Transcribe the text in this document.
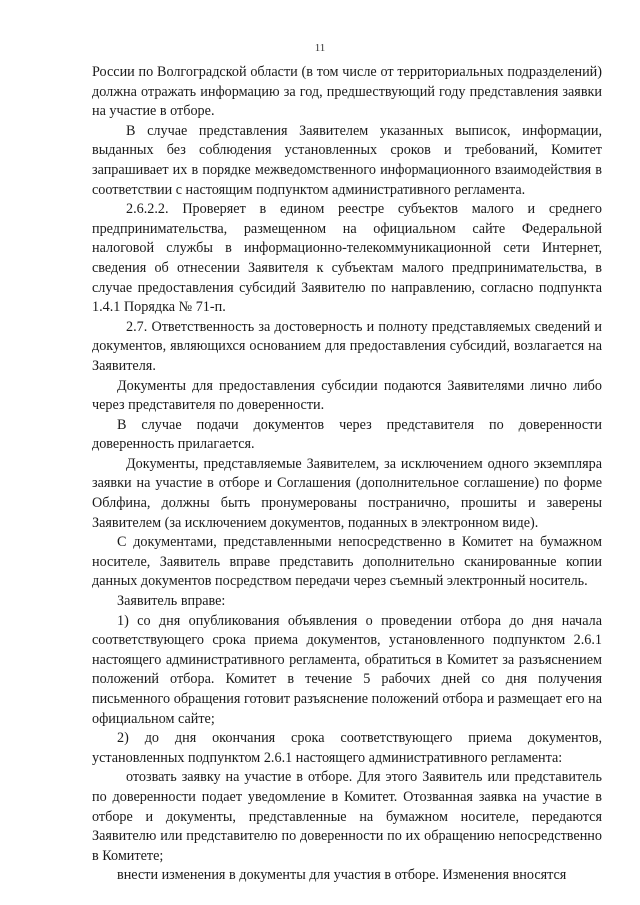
11

России по Волгоградской области (в том числе от территориальных подразделений) должна отражать информацию за год, предшествующий году представления заявки на участие в отборе.

В случае представления Заявителем указанных выписок, информации, выданных без соблюдения установленных сроков и требований, Комитет запрашивает их в порядке межведомственного информационного взаимодействия в соответствии с настоящим подпунктом административного регламента.

2.6.2.2. Проверяет в едином реестре субъектов малого и среднего предпринимательства, размещенном на официальном сайте Федеральной налоговой службы в информационно-телекоммуникационной сети Интернет, сведения об отнесении Заявителя к субъектам малого предпринимательства, в случае предоставления субсидий Заявителю по направлению, согласно подпункта 1.4.1 Порядка № 71-п.

2.7. Ответственность за достоверность и полноту представляемых сведений и документов, являющихся основанием для предоставления субсидий, возлагается на Заявителя.

Документы для предоставления субсидии подаются Заявителями лично либо через представителя по доверенности.

В случае подачи документов через представителя по доверенности доверенность прилагается.

Документы, представляемые Заявителем, за исключением одного экземпляра заявки на участие в отборе и Соглашения (дополнительное соглашение) по форме Облфина, должны быть пронумерованы постранично, прошиты и заверены Заявителем (за исключением документов, поданных в электронном виде).

С документами, представленными непосредственно в Комитет на бумажном носителе, Заявитель вправе представить дополнительно сканированные копии данных документов посредством передачи через съемный электронный носитель.

Заявитель вправе:

1) со дня опубликования объявления о проведении отбора до дня начала соответствующего срока приема документов, установленного подпунктом 2.6.1 настоящего административного регламента, обратиться в Комитет за разъяснением положений отбора. Комитет в течение 5 рабочих дней со дня получения письменного обращения готовит разъяснение положений отбора и размещает его на официальном сайте;

2) до дня окончания срока соответствующего приема документов, установленных подпунктом 2.6.1 настоящего административного регламента:

отозвать заявку на участие в отборе. Для этого Заявитель или представитель по доверенности подает уведомление в Комитет. Отозванная заявка на участие в отборе и документы, представленные на бумажном носителе, передаются Заявителю или представителю по доверенности по их обращению непосредственно в Комитете;

внести изменения в документы для участия в отборе. Изменения вносятся
